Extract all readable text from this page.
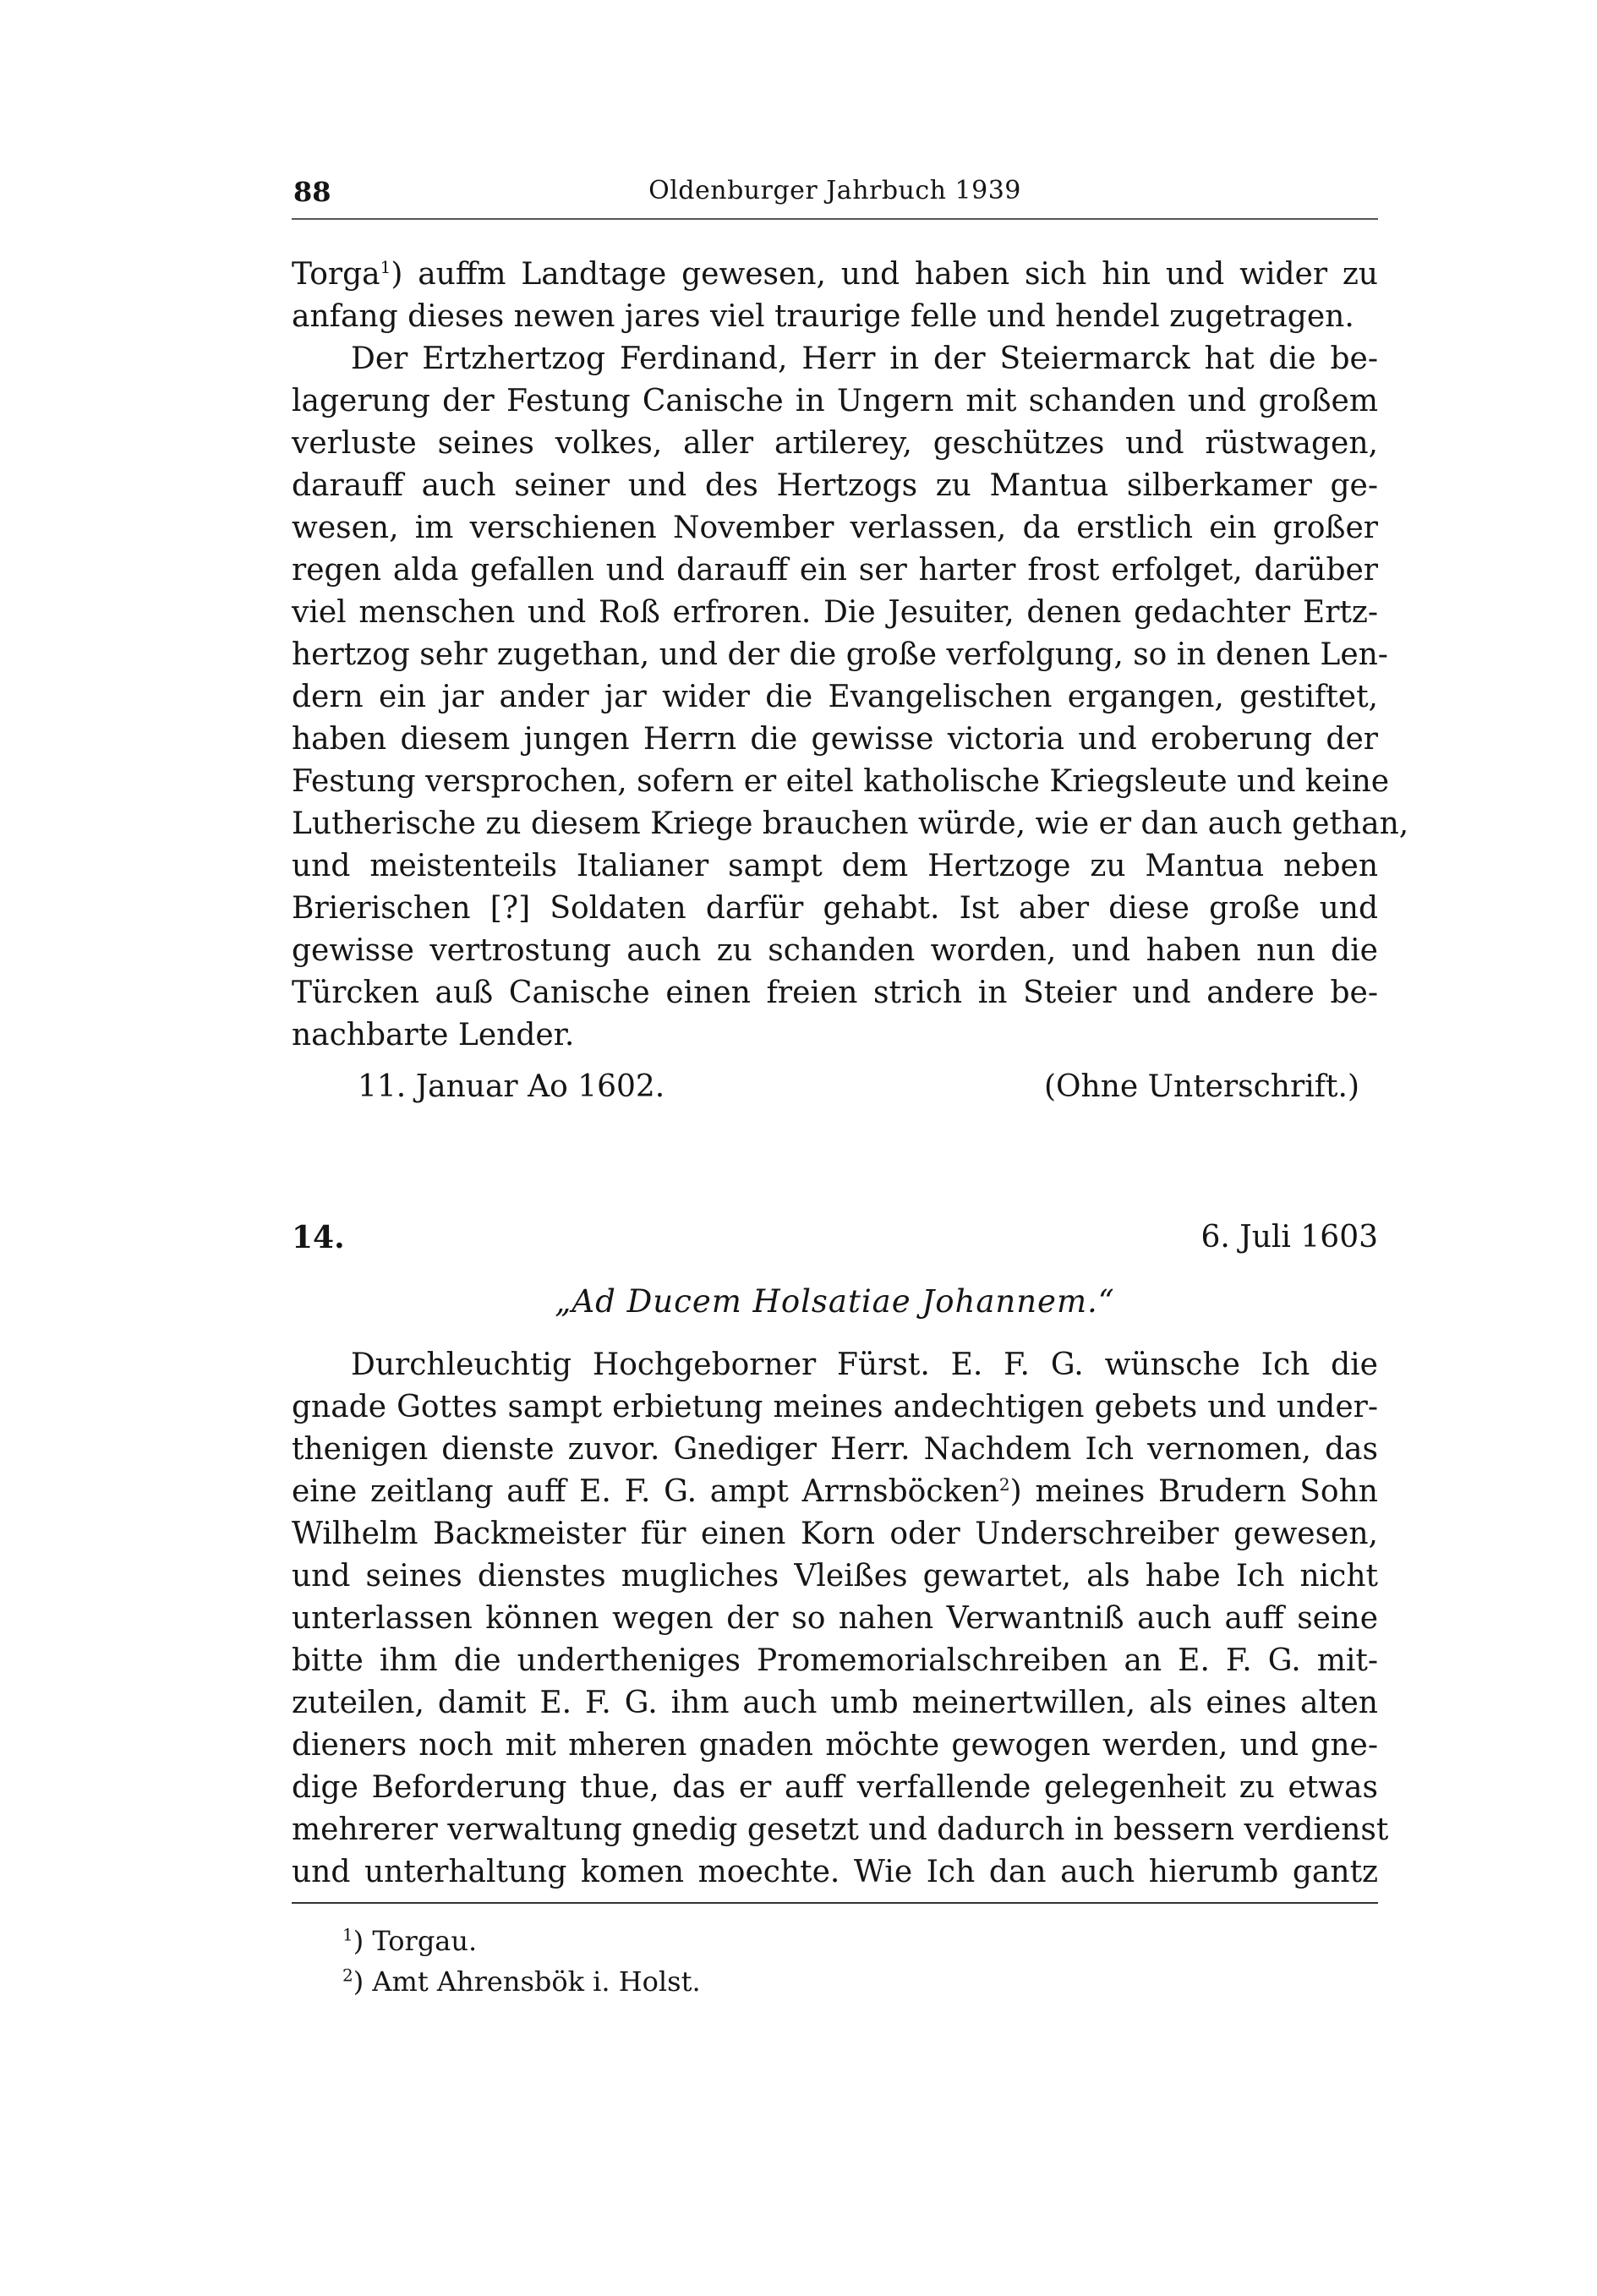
88	Oldenburger Jahrbuch 1939
Torga$^1$) auffm Landtage gewesen, und haben sich hin und wider zu
anfang dieses newen jares viel traurige felle und hendel zugetragen.
Der Ertzhertzog Ferdinand, Herr in der Steiermarck hat die be-
lagerung der Festung Canische in Ungern mit schanden und großem
verluste seines volkes, aller artilerey, geschützes und rüstwagen,
darauff auch seiner und des Hertzogs zu Mantua silberkamer ge-
wesen, im verschienen November verlassen, da erstlich ein großer
regen alda gefallen und darauff ein ser harter frost erfolget, darüber
viel menschen und Roß erfroren. Die Jesuiter, denen gedachter Ertz-
hertzog sehr zugethan, und der die große verfolgung, so in denen Len-
dern ein jar ander jar wider die Evangelischen ergangen, gestiftet,
haben diesem jungen Herrn die gewisse victoria und eroberung der
Festung versprochen, sofern er eitel katholische Kriegsleute und keine
Lutherische zu diesem Kriege brauchen würde, wie er dan auch gethan,
und meistenteils Italianer sampt dem Hertzoge zu Mantua neben
Brierischen [?] Soldaten darfür gehabt. Ist aber diese große und
gewisse vertrostung auch zu schanden worden, und haben nun die
Türcken auß Canische einen freien strich in Steier und andere be-
nachbarte Lender.
11. Januar Ao 1602.	(Ohne Unterschrift.)
14.	6. Juli 1603
„Ad Ducem Holsatiae Johannem.“
Durchleuchtig Hochgeborner Fürst. E. F. G. wünsche Ich die
gnade Gottes sampt erbietung meines andechtigen gebets und under-
thenigen dienste zuvor. Gnediger Herr. Nachdem Ich vernomen, das
eine zeitlang auff E. F. G. ampt Arrnsböcken$^2$) meines Brudern Sohn
Wilhelm Backmeister für einen Korn oder Underschreiber gewesen,
und seines dienstes mugliches Vleißes gewartet, als habe Ich nicht
unterlassen können wegen der so nahen Verwantniß auch auff seine
bitte ihm die undertheniges Promemorialschreiben an E. F. G. mit-
zuteilen, damit E. F. G. ihm auch umb meinertwillen, als eines alten
dieners noch mit mheren gnaden möchte gewogen werden, und gne-
dige Beforderung thue, das er auff verfallende gelegenheit zu etwas
mehrerer verwaltung gnedig gesetzt und dadurch in bessern verdienst
und unterhaltung komen moechte. Wie Ich dan auch hierumb gantz
$^1$) Torgau.
$^2$) Amt Ahrensbök i. Holst.
